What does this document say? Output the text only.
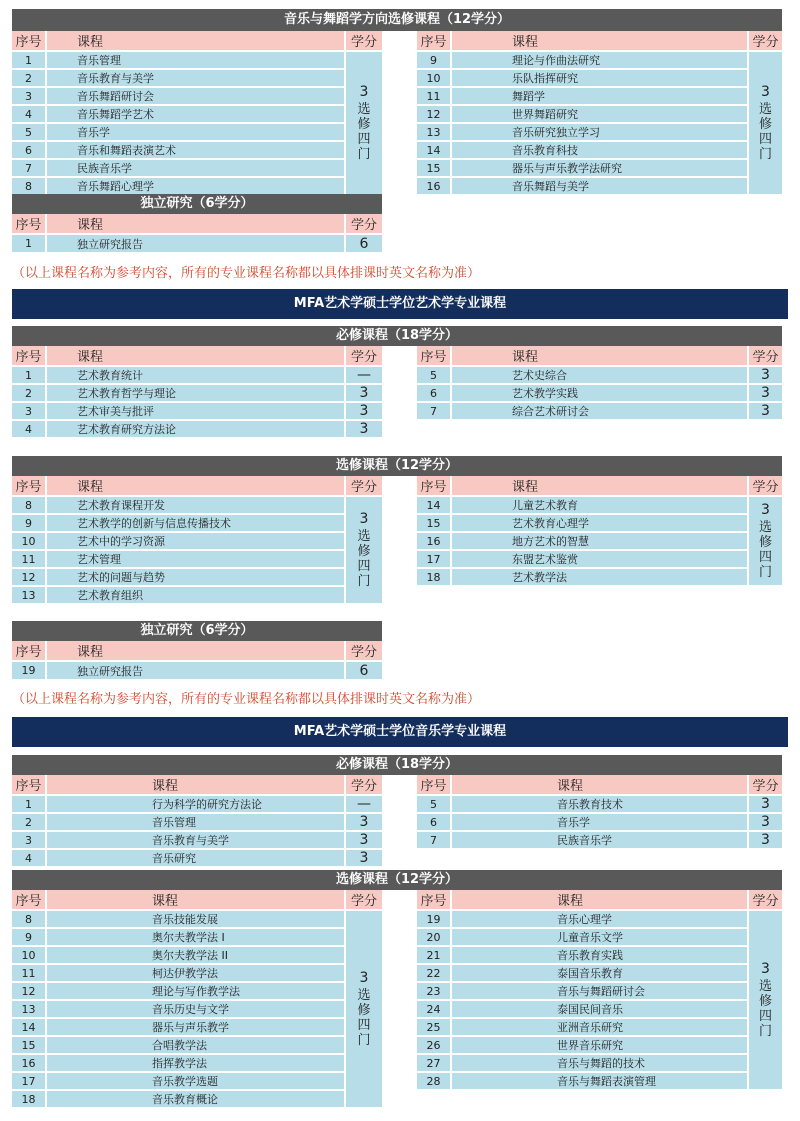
音乐与舞蹈学方向选修课程（12学分）
序号	课程	学分
1	音乐管理	3
选
修
四
门

2	音乐教育与美学	
3	音乐舞蹈研讨会	
4	音乐舞蹈学艺术	
5	音乐学	
6	音乐和舞蹈表演艺术	
7	民族音乐学	
8	音乐舞蹈心理学	
序号	课程	学分
9	理论与作曲法研究	3
选
修
四
门

10	乐队指挥研究	
11	舞蹈学	
12	世界舞蹈研究	
13	音乐研究独立学习	
14	音乐教育科技	
15	器乐与声乐教学法研究	
16	音乐舞蹈与美学	
独立研究（6学分）
序号	课程	学分
1	独立研究报告	6
（以上课程名称为参考内容，所有的专业课程名称都以具体排课时英文名称为准）
MFA艺术学硕士学位艺术学专业课程
必修课程（18学分）
序号	课程	学分
1	艺术教育统计	—
2	艺术教育哲学与理论	3
3	艺术审美与批评	3
4	艺术教育研究方法论	3
序号	课程	学分
5	艺术史综合	3
6	艺术教学实践	3
7	综合艺术研讨会	3
选修课程（12学分）
序号	课程	学分
8	艺术教育课程开发	3
选
修
四
门

9	艺术教学的创新与信息传播技术	
10	艺术中的学习资源	
11	艺术管理	
12	艺术的问题与趋势	
13	艺术教育组织	
序号	课程	学分
14	儿童艺术教育	3
选
修
四
门

15	艺术教育心理学	
16	地方艺术的智慧	
17	东盟艺术鉴赏	
18	艺术教学法	
独立研究（6学分）
序号	课程	学分
19	独立研究报告	6
（以上课程名称为参考内容，所有的专业课程名称都以具体排课时英文名称为准）
MFA艺术学硕士学位音乐学专业课程
必修课程（18学分）
序号	课程	学分
1	行为科学的研究方法论	—
2	音乐管理	3
3	音乐教育与美学	3
4	音乐研究	3
序号	课程	学分
5	音乐教育技术	3
6	音乐学	3
7	民族音乐学	3
选修课程（12学分）
序号	课程	学分
8	音乐技能发展	3
选
修
四
门

9	奥尔夫教学法 I	
10	奥尔夫教学法 II	
11	柯达伊教学法	
12	理论与写作教学法	
13	音乐历史与文学	
14	器乐与声乐教学	
15	合唱教学法	
16	指挥教学法	
17	音乐教学选题	
18	音乐教育概论	
序号	课程	学分
19	音乐心理学	3
选
修
四
门

20	儿童音乐文学	
21	音乐教育实践	
22	泰国音乐教育	
23	音乐与舞蹈研讨会	
24	泰国民间音乐	
25	亚洲音乐研究	
26	世界音乐研究	
27	音乐与舞蹈的技术	
28	音乐与舞蹈表演管理	
